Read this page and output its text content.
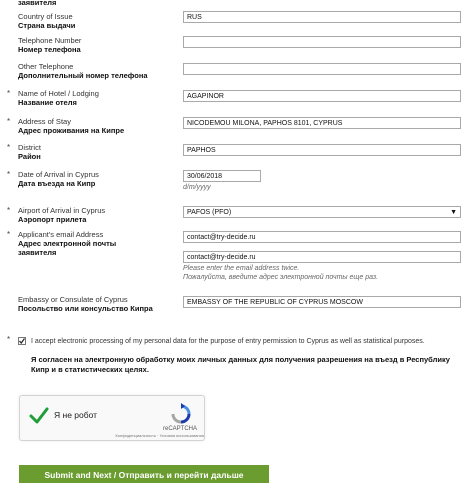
заявителя
Country of Issue
Страна выдачи
RUS
Telephone Number
Номер телефона
Other Telephone
Дополнительный номер телефона
* Name of Hotel / Lodging
Название отеля
AGAPINOR
* Address of Stay
Адрес проживания на Кипре
NICODEMOU MILONA, PAPHOS 8101, CYPRUS
* District
Район
PAPHOS
* Date of Arrival in Cyprus
Дата въезда на Кипр
30/06/2018
d/m/yyyy
* Airport of Arrival in Cyprus
Аэропорт прилета
PAFOS (PFO)	▼
* Applicant's email Address
Адрес электронной почты
заявителя
contact@try-decide.ru
contact@try-decide.ru
Please enter the email address twice.
Пожалуйста, введите адрес электронной почты еще раз.
Embassy or Consulate of Cyprus
Посольство или консульство Кипра
EMBASSY OF THE REPUBLIC OF CYPRUS MOSCOW
*	I accept electronic processing of my personal data for the purpose of entry permission to Cyprus as well as statistical purposes.
Я согласен на электронную обработку моих личных данных для получения разрешения на въезд в Республику Кипр и в статистических целях.
Я не робот
reCAPTCHA
Конфиденциальность · Условия использования
Submit and Next / Отправить и перейти дальше
